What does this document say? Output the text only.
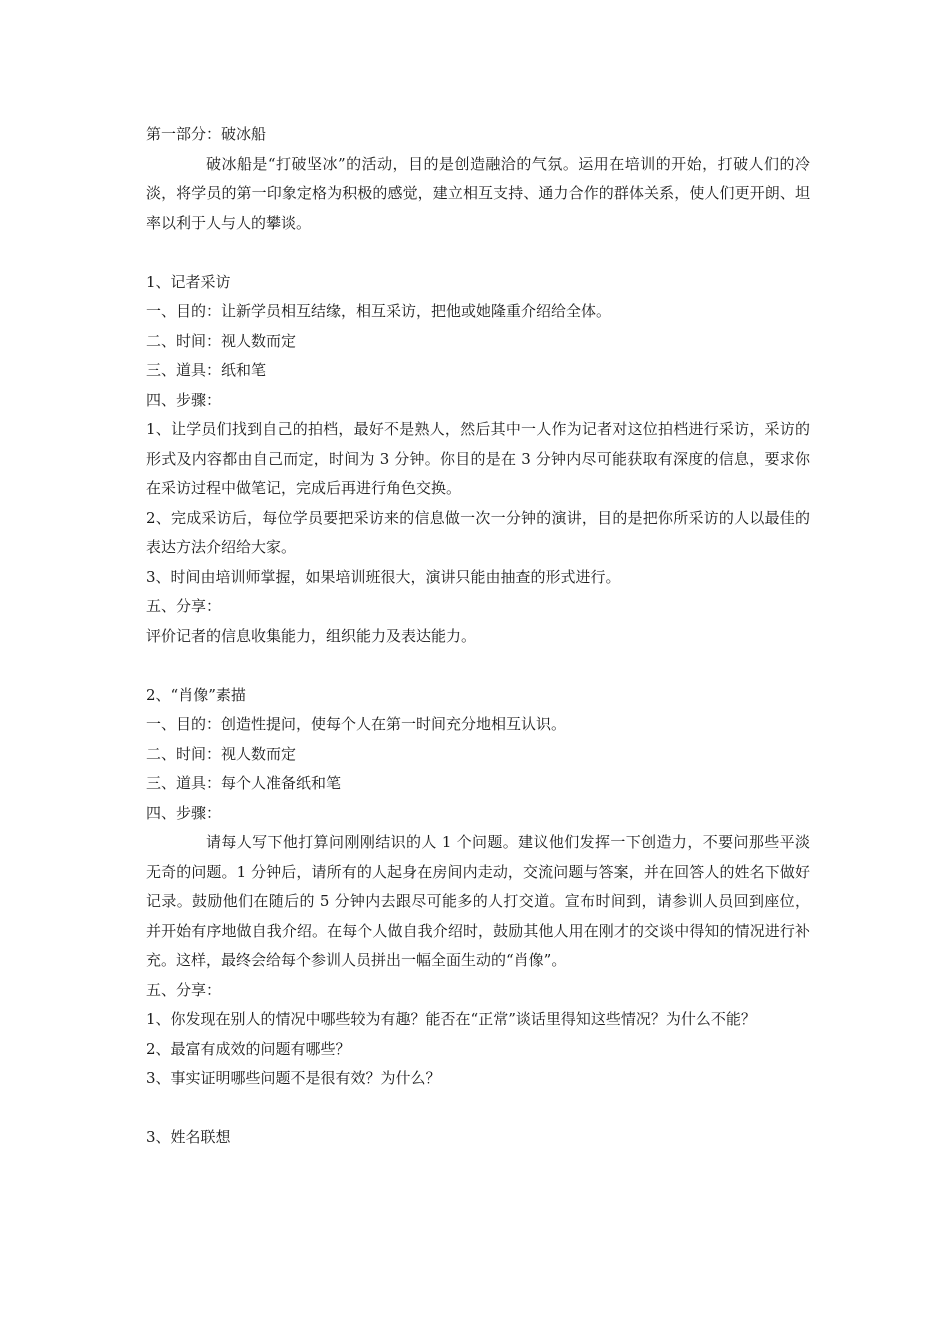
第一部分：破冰船
破冰船是“打破坚冰”的活动，目的是创造融洽的气氛。运用在培训的开始，打破人们的冷淡，将学员的第一印象定格为积极的感觉，建立相互支持、通力合作的群体关系，使人们更开朗、坦率以利于人与人的攀谈。
1、记者采访
一、目的：让新学员相互结缘，相互采访，把他或她隆重介绍给全体。
二、时间：视人数而定
三、道具：纸和笔
四、步骤：
1、让学员们找到自己的拍档，最好不是熟人，然后其中一人作为记者对这位拍档进行采访，采访的形式及内容都由自己而定，时间为 3 分钟。你目的是在 3 分钟内尽可能获取有深度的信息，要求你在采访过程中做笔记，完成后再进行角色交换。
2、完成采访后，每位学员要把采访来的信息做一次一分钟的演讲，目的是把你所采访的人以最佳的表达方法介绍给大家。
3、时间由培训师掌握，如果培训班很大，演讲只能由抽查的形式进行。
五、分享：
评价记者的信息收集能力，组织能力及表达能力。
2、“肖像”素描
一、目的：创造性提问，使每个人在第一时间充分地相互认识。
二、时间：视人数而定
三、道具：每个人准备纸和笔
四、步骤：
请每人写下他打算问刚刚结识的人 1 个问题。建议他们发挥一下创造力，不要问那些平淡无奇的问题。1 分钟后，请所有的人起身在房间内走动，交流问题与答案，并在回答人的姓名下做好记录。鼓励他们在随后的 5 分钟内去跟尽可能多的人打交道。宣布时间到，请参训人员回到座位，并开始有序地做自我介绍。在每个人做自我介绍时，鼓励其他人用在刚才的交谈中得知的情况进行补充。这样，最终会给每个参训人员拼出一幅全面生动的“肖像”。
五、分享：
1、你发现在别人的情况中哪些较为有趣？能否在“正常”谈话里得知这些情况？为什么不能？
2、最富有成效的问题有哪些？
3、事实证明哪些问题不是很有效？为什么？
3、姓名联想
